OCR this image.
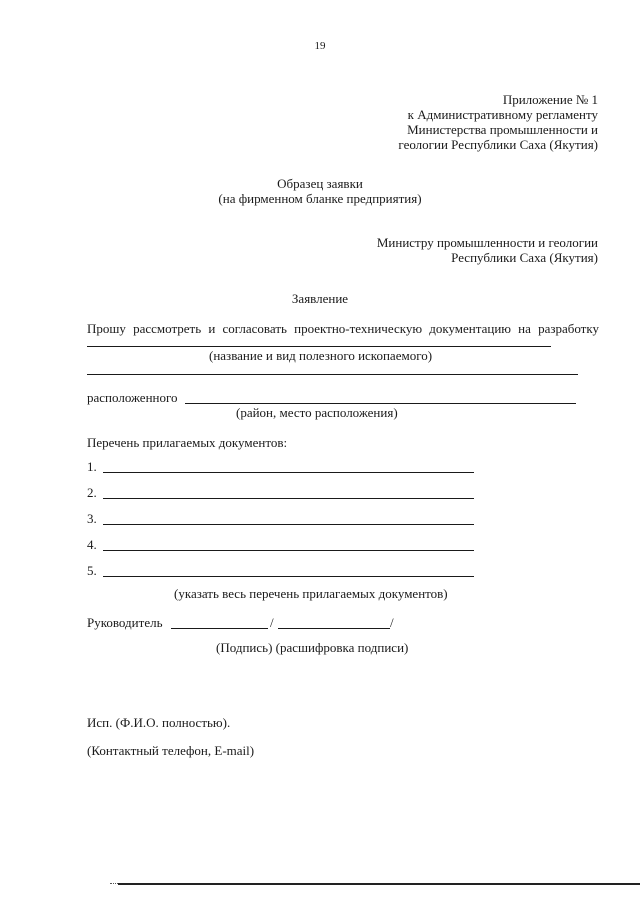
19
Приложение № 1
к Административному регламенту
Министерства промышленности и
геологии Республики Саха (Якутия)
Образец заявки
(на фирменном бланке предприятия)
Министру промышленности и геологии
Республики Саха (Якутия)
Заявление
Прошу рассмотреть и согласовать проектно-техническую документацию на разработку
(название и вид полезного ископаемого)
расположенного
(район, место расположения)
Перечень прилагаемых документов:
1.
2.
3.
4.
5.
(указать весь перечень прилагаемых документов)
Руководитель	/	/
(Подпись) (расшифровка подписи)
Исп. (Ф.И.О. полностью).
(Контактный телефон, E-mail)
